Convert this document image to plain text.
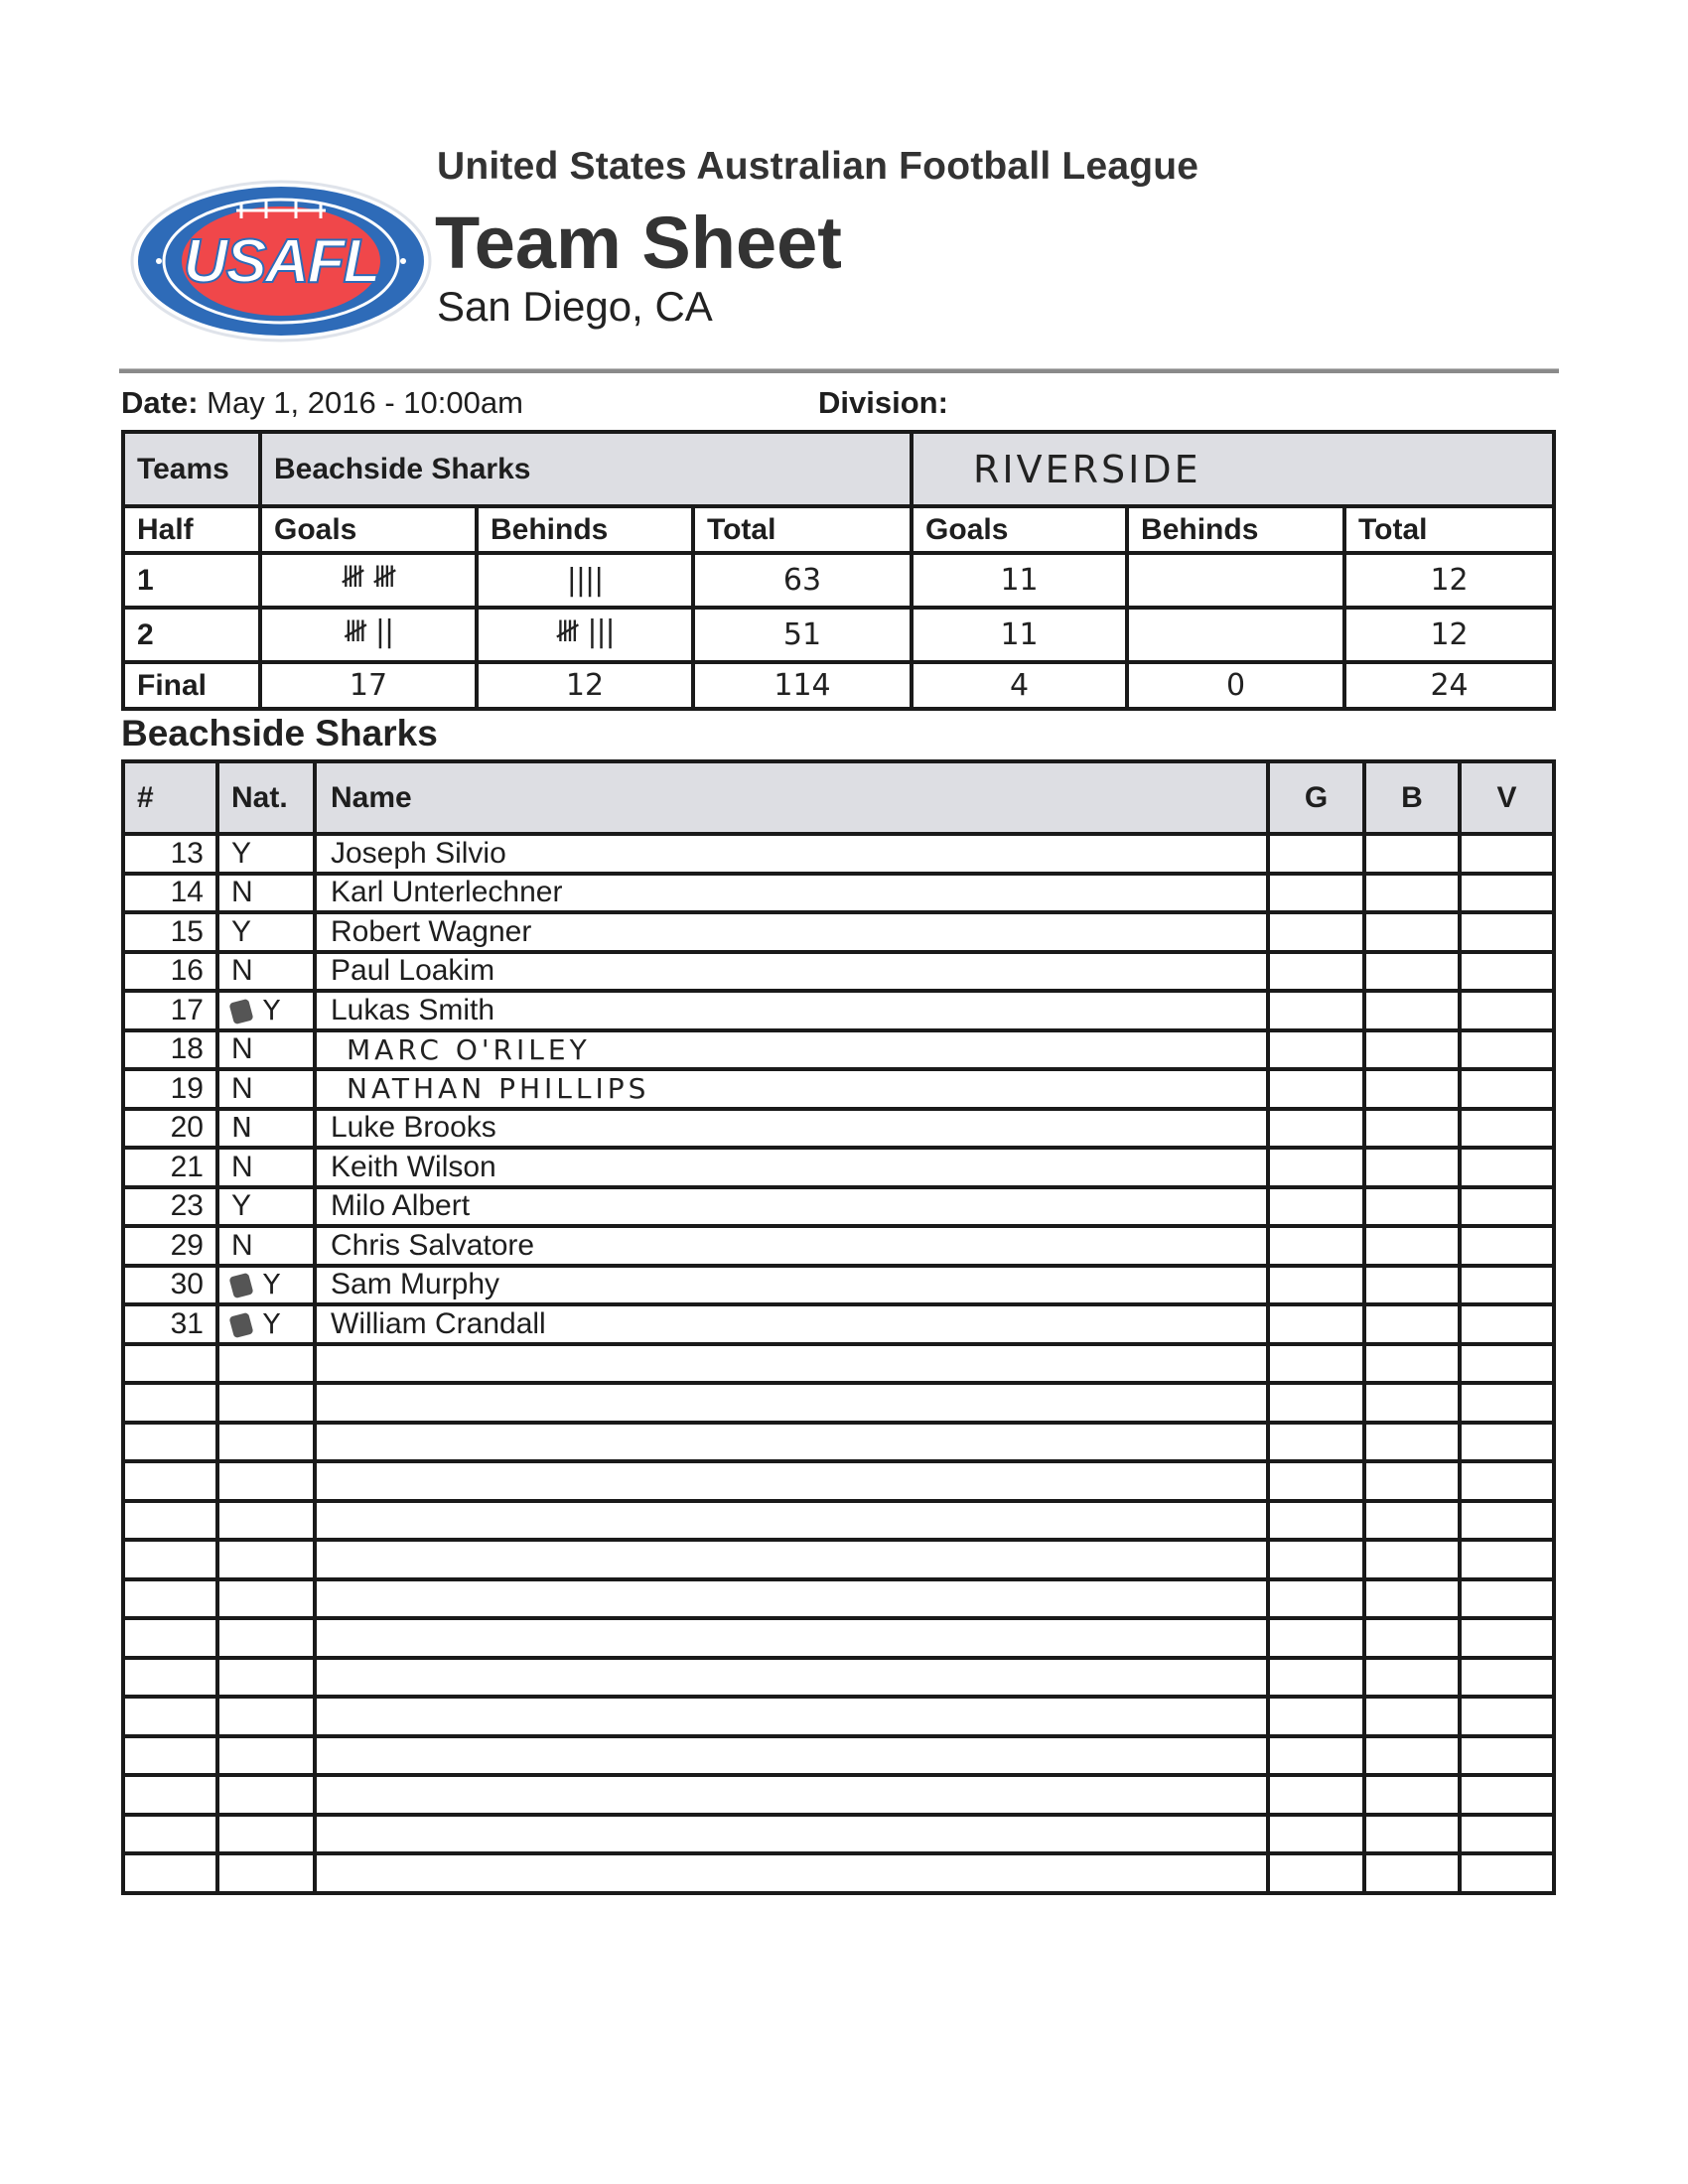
USAFL
United States Australian Football League
Team Sheet
San Diego, CA
Date: May 1, 2016 - 10:00am	Division:
Teams	Beachside Sharks			RIVERSIDE		
Half	Goals	Behinds	Total	Goals	Behinds	Total
1	𝍸 𝍸	||||	63	11		12
2	𝍸 ||	𝍸 |||	51	11		12
Final	17	12	114	4	0	24
Beachside Sharks
#	Nat.	Name	G	B	V
13	Y	Joseph Silvio			
14	N	Karl Unterlechner			
15	Y	Robert Wagner			
16	N	Paul Loakim			
17	Y	Lukas Smith			
18	N	MARC O'RILEY			
19	N	NATHAN PHILLIPS			
20	N	Luke Brooks			
21	N	Keith Wilson			
23	Y	Milo Albert			
29	N	Chris Salvatore			
30	Y	Sam Murphy			
31	Y	William Crandall			
